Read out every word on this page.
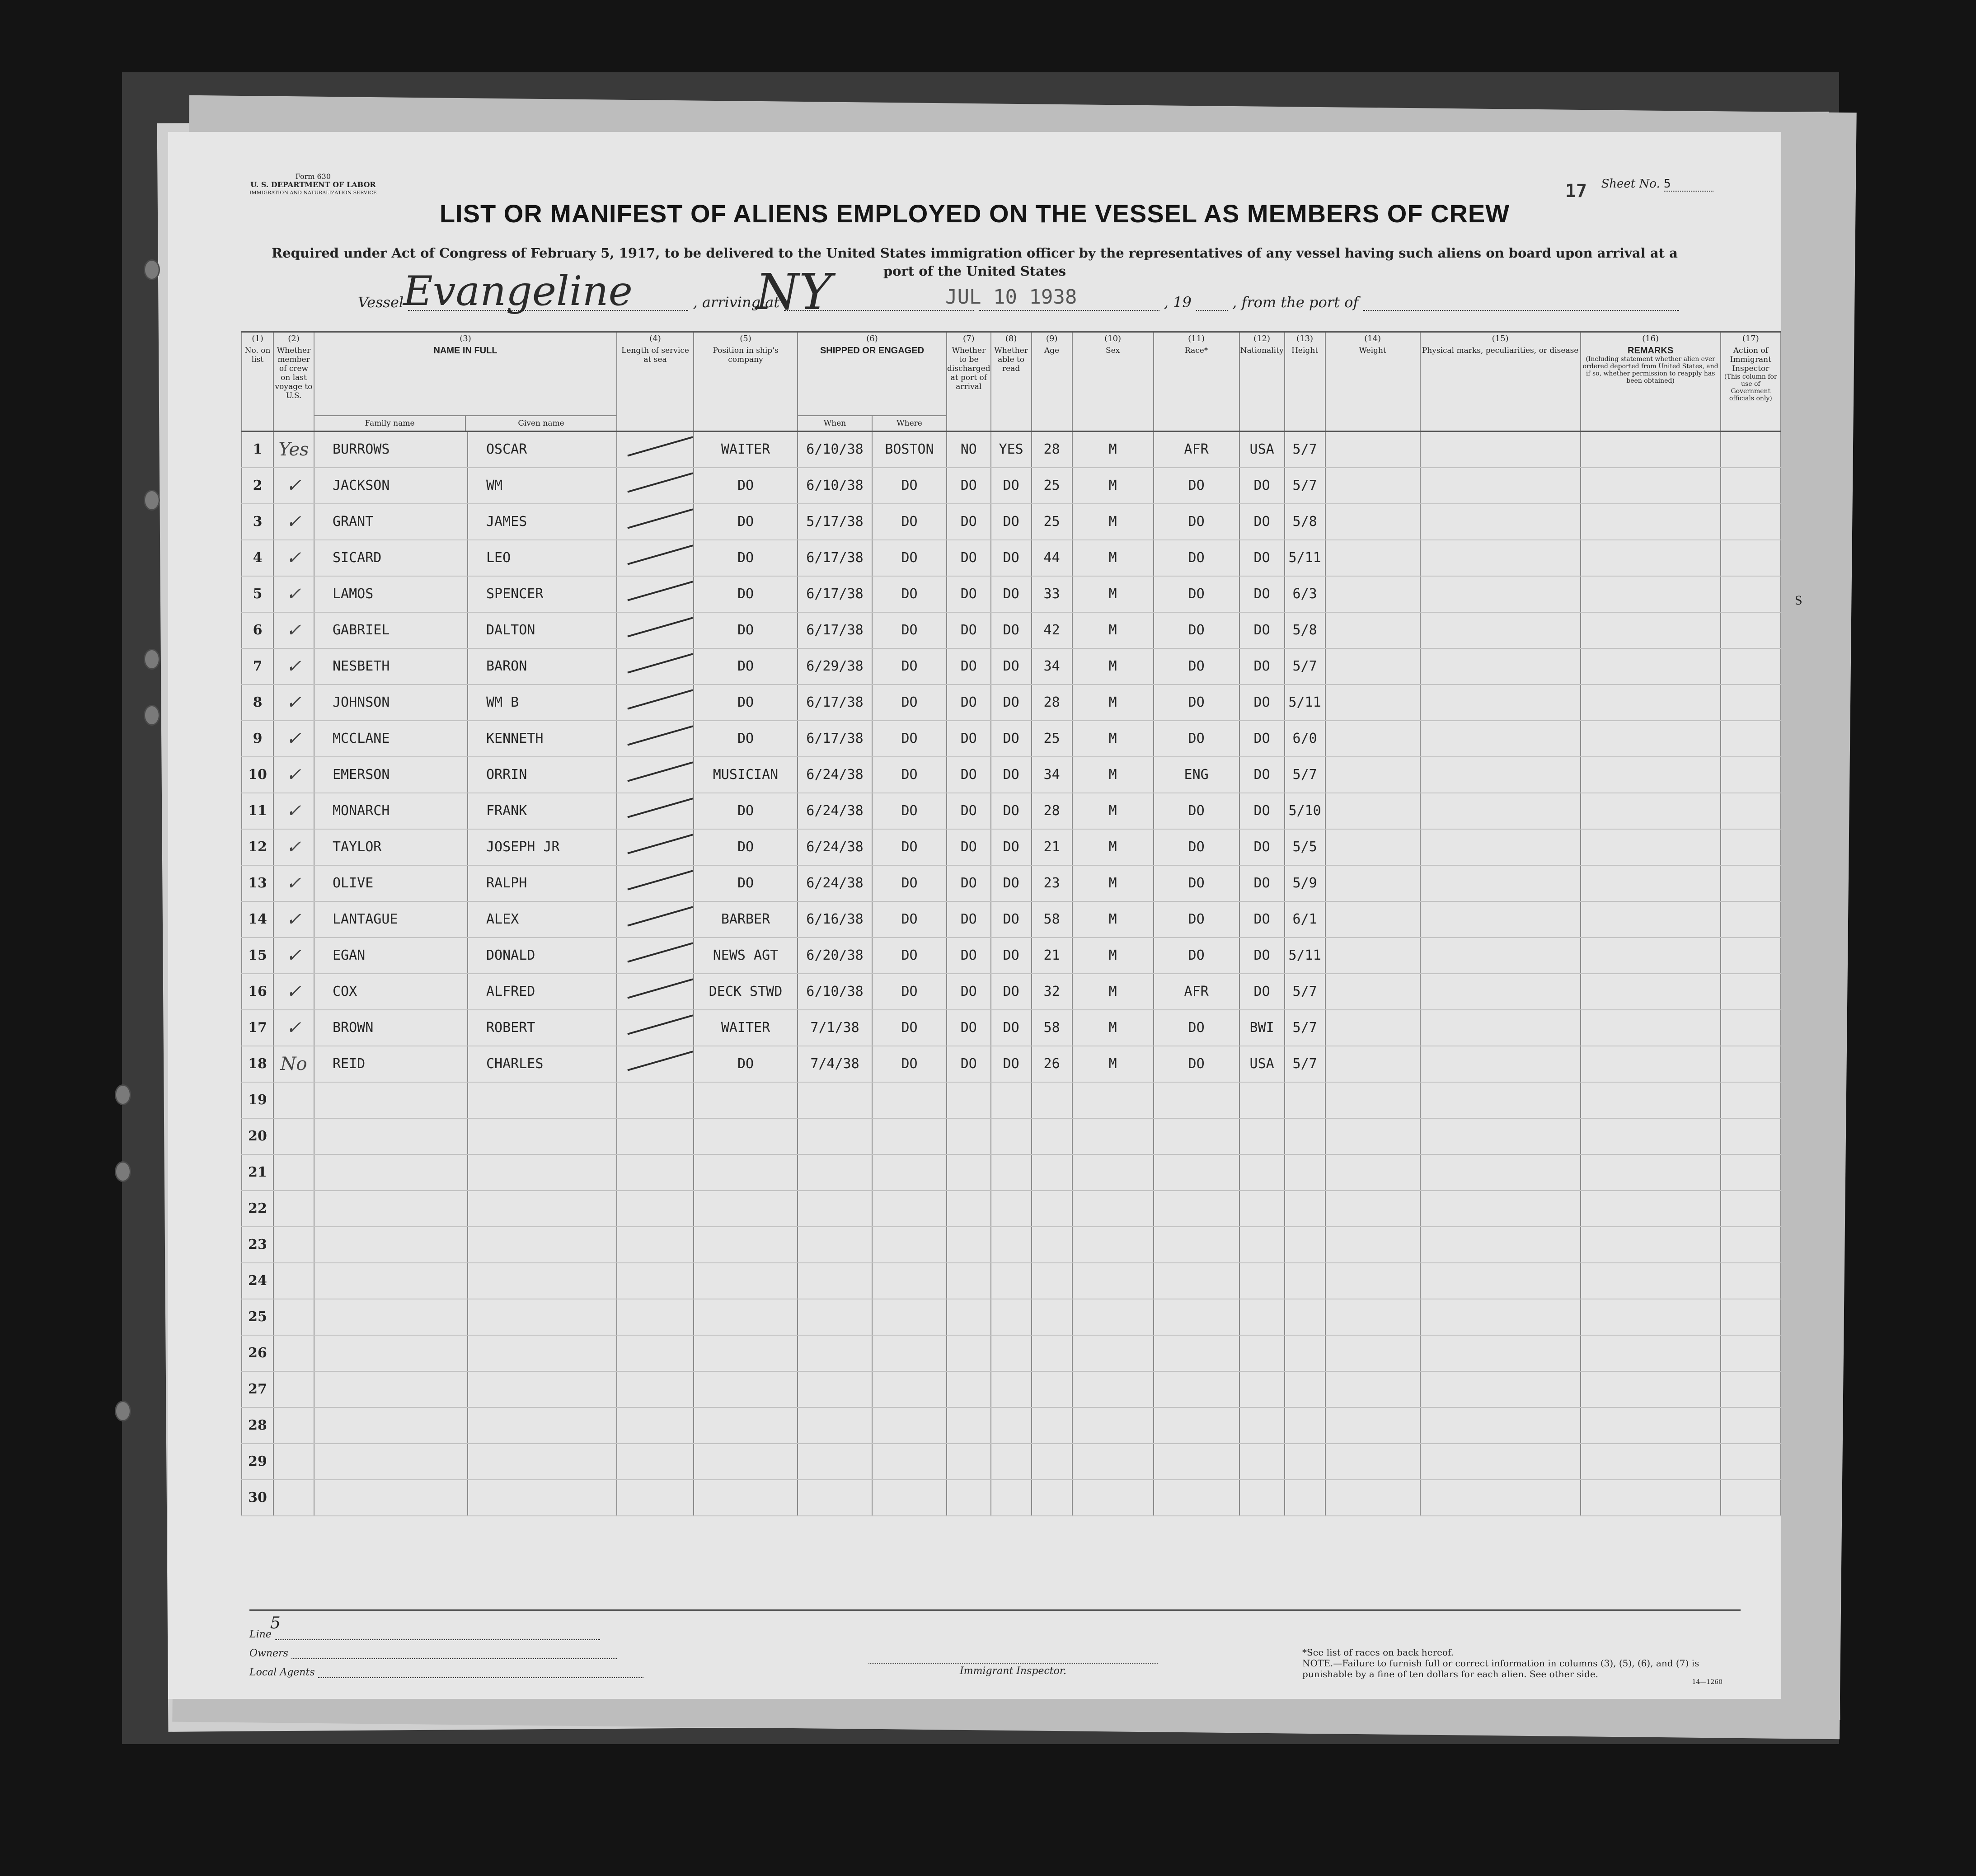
S
Form 630
U. S. DEPARTMENT OF LABOR
IMMIGRATION AND NATURALIZATION SERVICE	17 Sheet No. 5
LIST OR MANIFEST OF ALIENS EMPLOYED ON THE VESSEL AS MEMBERS OF CREW
Required under Act of Congress of February 5, 1917, to be delivered to the United States immigration officer by the representatives of any vessel having such aliens on board upon arrival at a port of the United States
Vessel	, arriving at	, 19	, from the port of
Evangeline NY	JUL 10 1938
(1)
No. on list	(2)
Whether member of crew on last voyage to U.S.	(3)
NAME IN FULL
Family name Given name		(4)
Length of service at sea	(5)
Position in ship's company	(6)
SHIPPED OR ENGAGED
When Where		(7)
Whether to be discharged at port of arrival	(8)
Whether able to read	(9)
Age	(10)
Sex	(11)
Race*	(12)
Nationality	(13)
Height	(14)
Weight	(15)
Physical marks, peculiarities, or disease	(16)
REMARKS
(Including statement whether alien ever ordered deported from United States, and if so, whether permission to reapply has been obtained)	(17)
Action of Immigrant Inspector
(This column for use of Government officials only)

1	Yes	BURROWS	OSCAR		WAITER	6/10/38	BOSTON	NO	YES	28	M	AFR	USA	5/7				
2	✓	JACKSON	WM		DO	6/10/38	DO	DO	DO	25	M	DO	DO	5/7				
3	✓	GRANT	JAMES		DO	5/17/38	DO	DO	DO	25	M	DO	DO	5/8				
4	✓	SICARD	LEO		DO	6/17/38	DO	DO	DO	44	M	DO	DO	5/11				
5	✓	LAMOS	SPENCER		DO	6/17/38	DO	DO	DO	33	M	DO	DO	6/3				
6	✓	GABRIEL	DALTON		DO	6/17/38	DO	DO	DO	42	M	DO	DO	5/8				
7	✓	NESBETH	BARON		DO	6/29/38	DO	DO	DO	34	M	DO	DO	5/7				
8	✓	JOHNSON	WM B		DO	6/17/38	DO	DO	DO	28	M	DO	DO	5/11				
9	✓	MCCLANE	KENNETH		DO	6/17/38	DO	DO	DO	25	M	DO	DO	6/0				
10	✓	EMERSON	ORRIN		MUSICIAN	6/24/38	DO	DO	DO	34	M	ENG	DO	5/7				
11	✓	MONARCH	FRANK		DO	6/24/38	DO	DO	DO	28	M	DO	DO	5/10				
12	✓	TAYLOR	JOSEPH JR		DO	6/24/38	DO	DO	DO	21	M	DO	DO	5/5				
13	✓	OLIVE	RALPH		DO	6/24/38	DO	DO	DO	23	M	DO	DO	5/9				
14	✓	LANTAGUE	ALEX		BARBER	6/16/38	DO	DO	DO	58	M	DO	DO	6/1				
15	✓	EGAN	DONALD		NEWS AGT	6/20/38	DO	DO	DO	21	M	DO	DO	5/11				
16	✓	COX	ALFRED		DECK STWD	6/10/38	DO	DO	DO	32	M	AFR	DO	5/7				
17	✓	BROWN	ROBERT		WAITER	7/1/38	DO	DO	DO	58	M	DO	BWI	5/7				
18	No	REID	CHARLES		DO	7/4/38	DO	DO	DO	26	M	DO	USA	5/7				
19																		
20																		
21																		
22																		
23																		
24																		
25																		
26																		
27																		
28																		
29																		
30																		
Line
5
Owners
Local Agents	Immigrant Inspector.
*See list of races on back hereof.
NOTE.—Failure to furnish full or correct information in columns (3), (5), (6), and (7) is punishable by a fine of ten dollars for each alien. See other side.
14—1260
